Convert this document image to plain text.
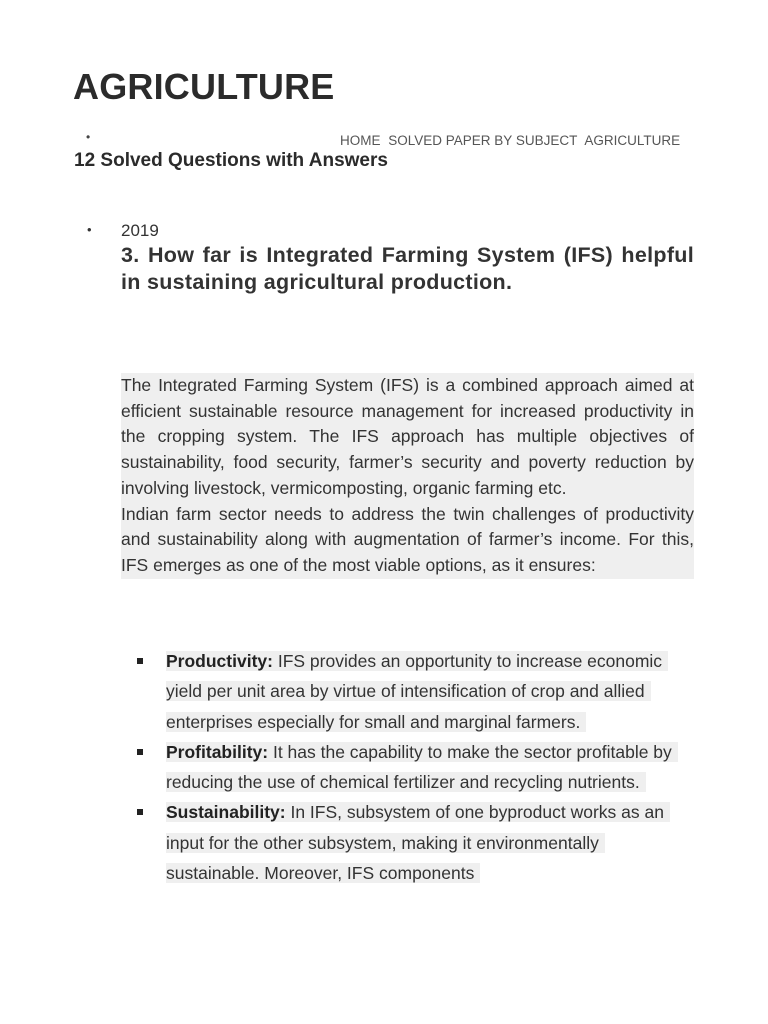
AGRICULTURE
•	HOME SOLVED PAPER BY SUBJECT AGRICULTURE
12 Solved Questions with Answers
• 2019
3. How far is Integrated Farming System (IFS) helpful in sustaining agricultural production.

The Integrated Farming System (IFS) is a combined approach aimed at efficient sustainable resource management for increased productivity in the cropping system. The IFS approach has multiple objectives of sustainability, food security, farmer’s security and poverty reduction by involving livestock, vermicomposting, organic farming etc.

Indian farm sector needs to address the twin challenges of productivity and sustainability along with augmentation of farmer’s income. For this, IFS emerges as one of the most viable options, as it ensures:

Productivity: IFS provides an opportunity to increase economic yield per unit area by virtue of intensification of crop and allied enterprises especially for small and marginal farmers.
Profitability: It has the capability to make the sector profitable by reducing the use of chemical fertilizer and recycling nutrients.
Sustainability: In IFS, subsystem of one byproduct works as an input for the other subsystem, making it environmentally sustainable. Moreover, IFS components
